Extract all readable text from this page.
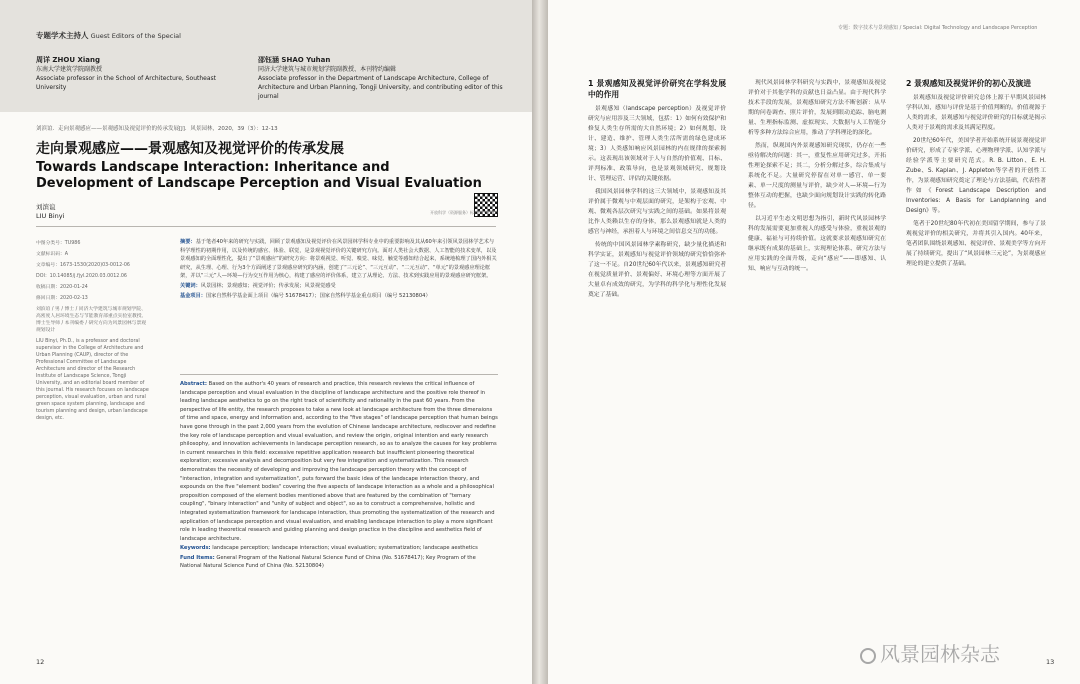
专题学术主持人 Guest Editors of the Special
周详 ZHOU Xiang
东南大学建筑学院副教授
Associate professor in the School of Architecture, Southeast University
邵钰涵 SHAO Yuhan
同济大学建筑与城市规划学院副教授、本刊特约编辑
Associate professor in the Department of Landscape Architecture, College of Architecture and Urban Planning, Tongji University, and contributing editor of this journal
刘滨谊．走向景观感应——景观感知及视觉评价的传承发展[J]．风景园林，2020，39（3）：12-13
走向景观感应——景观感知及视觉评价的传承发展
Towards Landscape Interaction: Inheritance and Development of Landscape Perception and Visual Evaluation
开放科学（资源服务）标识码（OSID）
刘滨谊
LIU Binyi

中图分类号：TU986

文献标识码：A

文章编号：1673-1530(2020)03-0012-06

DOI：10.14085/j.fjyl.2020.03.0012.06

收稿日期：2020-01-24

修回日期：2020-02-13

刘滨谊 / 男 / 博士 / 同济大学建筑与城市规划学院、高密度人居环境生态与节能教育部重点实验室教授、博士生导师 / 本刊编委 / 研究方向为风景园林与景观规划设计

LIU Binyi, Ph.D., is a professor and doctoral supervisor in the College of Architecture and Urban Planning (CAUP), director of the Professional Committee of Landscape Architecture and director of the Research Institute of Landscape Science, Tongji University, and an editorial board member of this journal. His research focuses on landscape perception, visual evaluation, urban and rural green space system planning, landscape and tourism planning and design, urban landscape design, etc.

摘要：基于笔者40年来的研究与实践，回顾了景观感知及视觉评价在风景园林学科专业中的重要影响及其从60年来引领风景园林学艺术与科学理性的初期作用，以及传统的感官、体验、联觉，是景观视觉评价的关键研究方向。面对人类社会大数据、人工智能的技术变革，以及景观感知的全面理性化，提出了“景观感应”的研究方向：将景观视觉、听觉、嗅觉、味觉、触觉等感知结合起来，系统地梳理了国内外相关研究，从生理、心理、行为3个方面阐述了景观感应研究的内涵，创建了“三元论”、“三元互动”、“二元互动”、“单元”的景观感应理论框架，并以“三元”人—环境—行为交互作用为核心，构建了感应的评价体系，建立了从理论、方法、技术到实践应用的景观感应研究框架。

关键词：风景园林；景观感知；视觉评价；传承发展；风景视觉感受

基金项目：国家自然科学基金面上项目（编号 51678417）；国家自然科学基金重点项目（编号 52130804）

Abstract: Based on the author's 40 years of research and practice, this research reviews the critical influence of landscape perception and visual evaluation in the discipline of landscape architecture and the positive role thereof in leading landscape aesthetics to go on the right track of scientificity and rationality in the past 60 years. From the perspective of life entity, the research proposes to take a new look at landscape architecture from the three dimensions of time and space, energy and information and, according to the "five stages" of landscape perception that human beings have gone through in the past 2,000 years from the evolution of Chinese landscape architecture, rediscover and redefine the key role of landscape perception and visual evaluation, and review the origin, original intention and early research philosophy, and innovation achievements in landscape perception research, so as to analyze the causes for key problems in current researches in this field: excessive repetitive application research but insufficient pioneering theoretical exploration; excessive analysis and decomposition but very few integration and systematization. This research demonstrates the necessity of developing and improving the landscape perception theory with the concept of "interaction, integration and systematization", puts forward the basic idea of the landscape interaction theory, and expounds on the five "element bodies" covering the five aspects of landscape interaction as a whole and a philosophical proposition composed of the element bodies mentioned above that are featured by the combination of "ternary coupling", "binary interaction" and "unity of subject and object", so as to construct a comprehensive, holistic and integrated systematization framework for landscape interaction, thus promoting the systematization of the research and application of landscape perception and visual evaluation, and enabling landscape interaction to play a more significant role in leading theoretical research and guiding planning and design practice in the discipline and aesthetics field of landscape architecture.

Keywords: landscape perception; landscape interaction; visual evaluation; systematization; landscape aesthetics

Fund Items: General Program of the National Natural Science Fund of China (No. 51678417); Key Program of the National Natural Science Fund of China (No. 52130804)

12
专题：数字技术与景观感知 / Special: Digital Technology and Landscape Perception
1 景观感知及视觉评价研究在学科发展中的作用

景观感知（landscape perception）及视觉评价研究与应用涉及三大领域，包括：1）如何有效保护和修复人类生存所需的大自然环境；2）如何规划、设计、建造、维护、管理人类生活所需的绿色建成环境；3）人类感知响应风景园林的内在规律的探索揭示。这表现出该领域对于人与自然的价值观、目标、评判标准、政策导向，也是景观领域研究、规划设计、管理运营、评估的关键依据。

我国风景园林学科的这三大领域中，景观感知及其评价属于微观与中观层面的研究，是架构于宏观、中观、微观各层次研究与实践之间的基础。如果将景观比作人类赖以生存的身体，那么景观感知就是人类的感官与神经，承担着人与环境之间信息交互的功能。

传统的中国风景园林学素称研究，缺少量化描述和科学实证，景观感知与视觉评价领域的研究恰恰弥补了这一不足。自20世纪60年代以来，景观感知研究者在视觉质量评价、景观偏好、环境心理等方面开展了大量卓有成效的研究，为学科的科学化与理性化发展奠定了基础。

现代风景园林学科研究与实践中，景观感知及视觉评价对于其他学科的贡献也日益凸显。由于现代科学技术手段的发展，景观感知研究方法不断创新：从早期的问卷调查、照片评价，发展到眼动追踪、脑电测量、生理指标监测、虚拟现实、大数据与人工智能分析等多种方法综合应用，推动了学科理论的深化。

然而，纵观国内外景观感知研究现状，仍存在一些亟待解决的问题：其一，重复性应用研究过多，开拓性理论探索不足；其二，分析分解过多，综合集成与系统化不足。大量研究停留在对单一感官、单一要素、单一尺度的测量与评价，缺少对人—环境—行为整体互动的把握，也缺少面向规划设计实践的转化路径。

以习近平生态文明思想为指引，新时代风景园林学科的发展需要更加重视人的感受与体验，重视景观的健康、福祉与可持续价值。这就要求景观感知研究在继承既有成果的基础上，实现理论体系、研究方法与应用实践的全面升级，走向“感应”——即感知、认知、响应与互动的统一。

2 景观感知及视觉评价的初心及演进

景观感知及视觉评价研究总体上源于早期风景园林学科认知，感知与评价是基于价值判断的。价值观源于人类的需求，景观感知与视觉评价研究的目标就是揭示人类对于景观的需求及其满足程度。

20世纪60年代，美国学者开始系统开展景观视觉评价研究，形成了专家学派、心理物理学派、认知学派与经验学派等主要研究范式。R. B. Litton、E. H. Zube、S. Kaplan、J. Appleton等学者的开创性工作，为景观感知研究奠定了理论与方法基础，代表性著作如《Forest Landscape Description and Inventories: A Basis for Landplanning and Design》等。

笔者于20世纪80年代初在美国留学期间，参与了景观视觉评价的相关研究，并将其引入国内。40年来，笔者团队围绕景观感知、视觉评价、景观美学等方向开展了持续研究，提出了“风景园林三元论”，为景观感应理论的建立提供了基础。

风景园林杂志	13
